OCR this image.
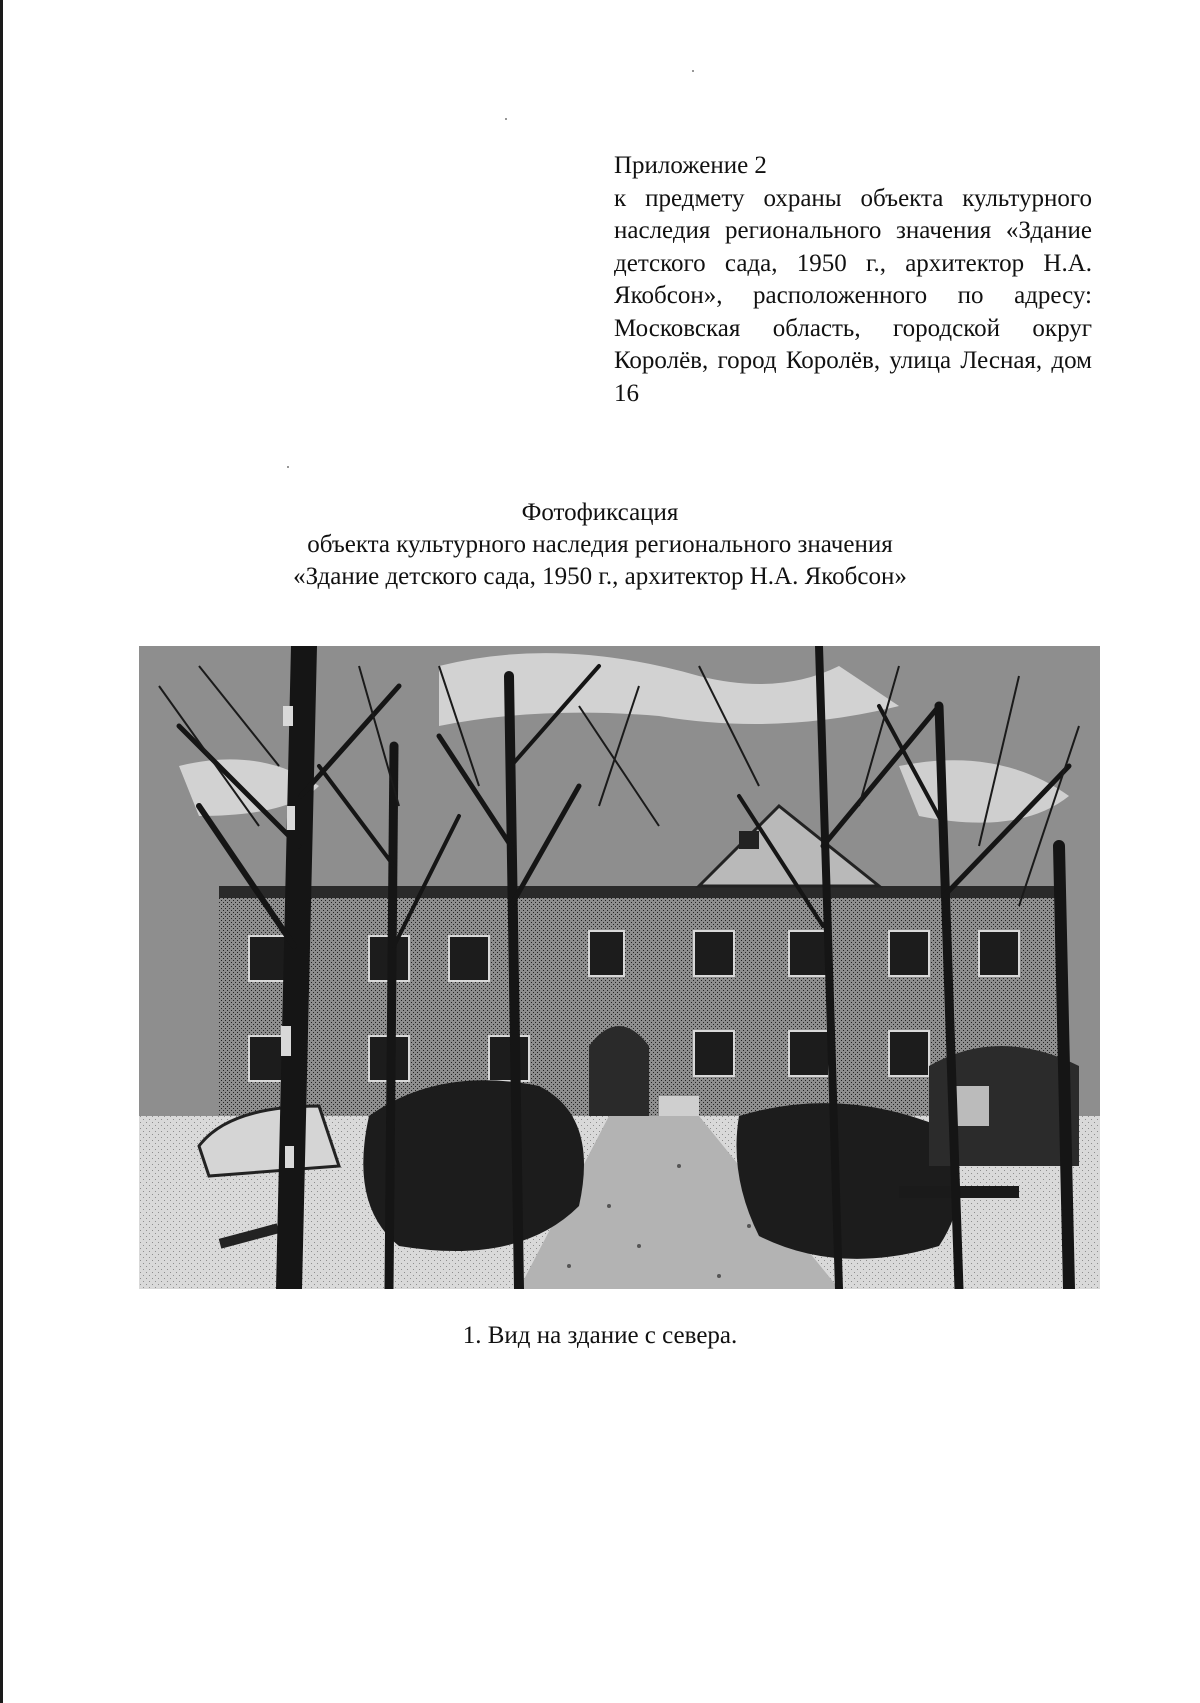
Приложение 2

к предмету охраны объекта культурного наследия регионального значения «Здание детского сада, 1950 г., архитектор Н.А. Якобсон», расположенного по адресу: Московская область, городской округ Королёв, город Королёв, улица Лесная, дом 16

Фотофиксация
объекта культурного наследия регионального значения
«Здание детского сада, 1950 г., архитектор Н.А. Якобсон»
1. Вид на здание с севера.
